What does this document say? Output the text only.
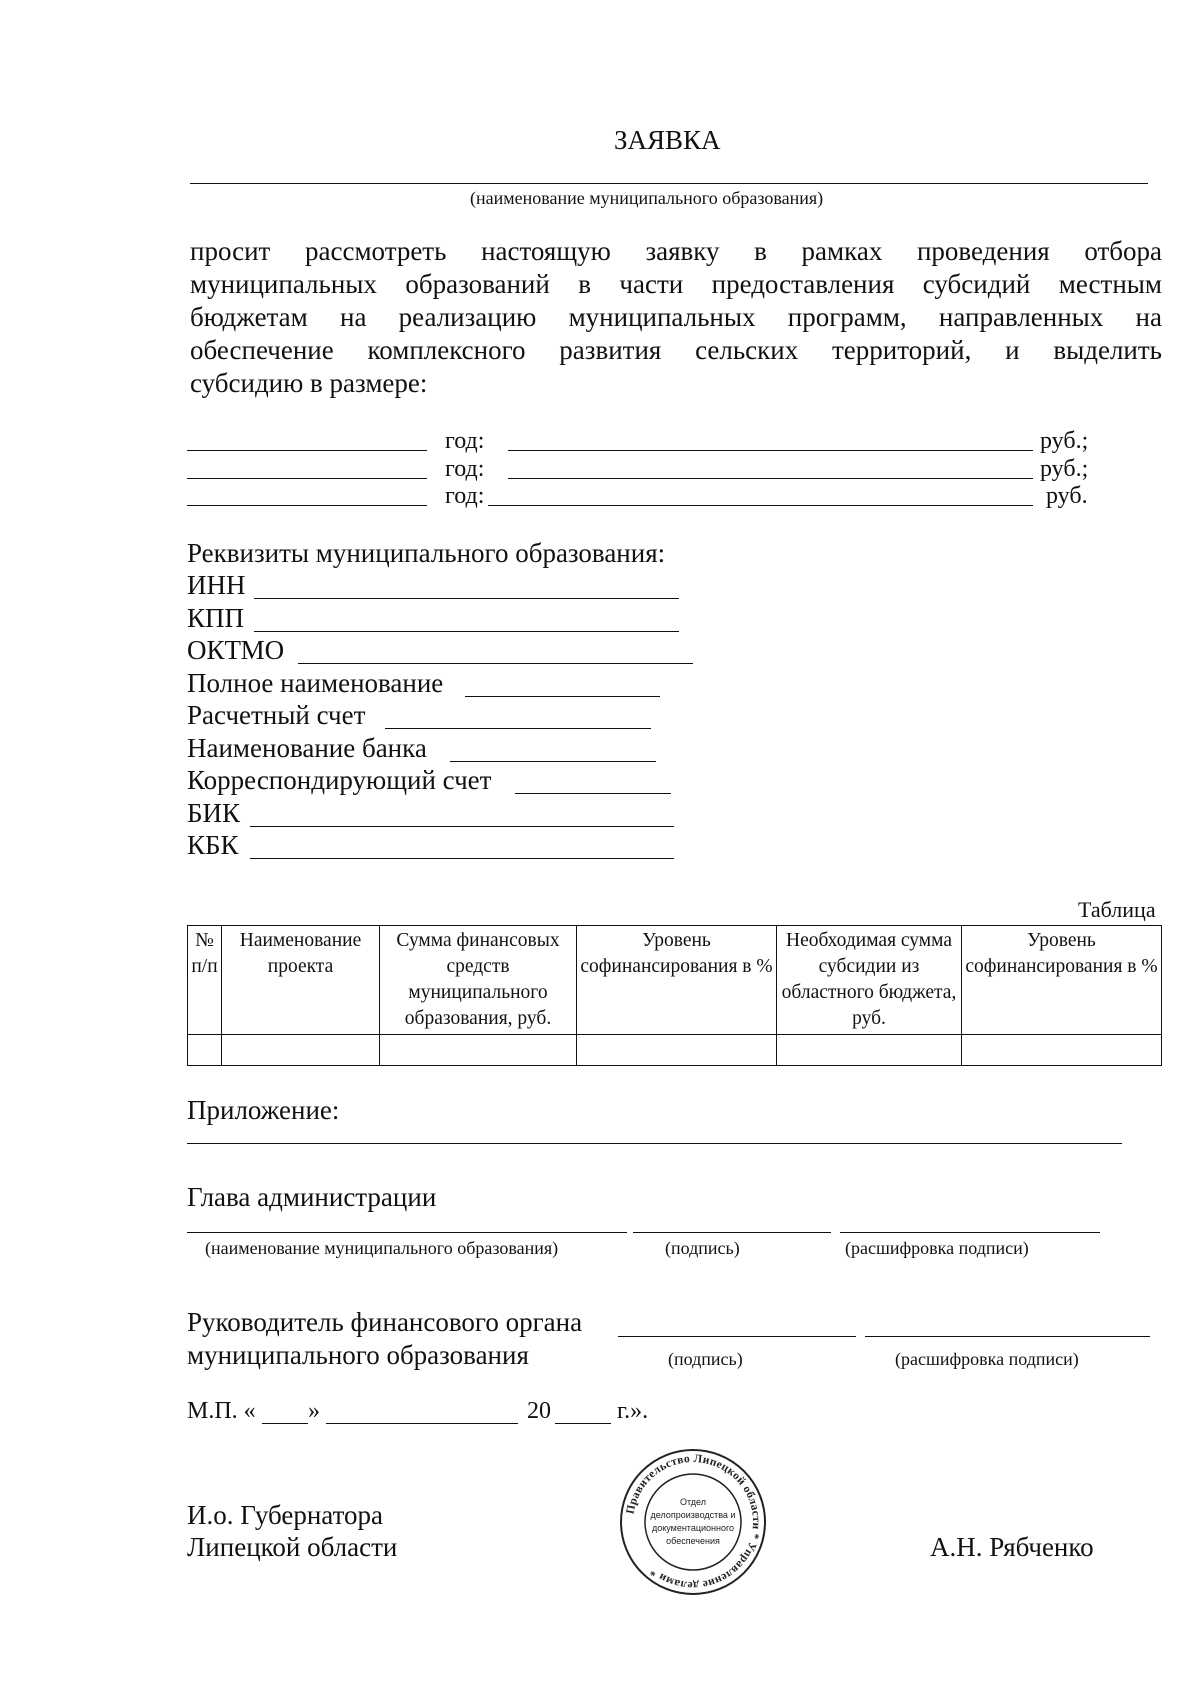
ЗАЯВКА
(наименование муниципального образования)
просит рассмотреть настоящую заявку в рамках проведения отбора
муниципальных образований в части предоставления субсидий местным
бюджетам на реализацию муниципальных программ, направленных на
обеспечение комплексного развития сельских территорий, и выделить
субсидию в размере:
год:	руб.;
год:	руб.;
год:	руб.
Реквизиты муниципального образования:
ИНН
КПП
ОКТМО
Полное наименование
Расчетный счет
Наименование банка
Корреспондирующий счет
БИК
КБК
Таблица
№ п/п	Наименование проекта	Сумма финансовых средств муниципального образования, руб.	Уровень софинансирования в %	Необходимая сумма субсидии из областного бюджета, руб.	Уровень софинансирования в %

Приложение:
Глава администрации
(наименование муниципального образования)	(подпись)	(расшифровка подписи)
Руководитель финансового органа
муниципального образования	(подпись)	(расшифровка подписи)
М.П. « »	20	г.».
И.о. Губернатора
Липецкой области	А.Н. Рябченко
Правительство Липецкой области * Управление делами *
Отдел
делопроизводства и
документационного
обеспечения
